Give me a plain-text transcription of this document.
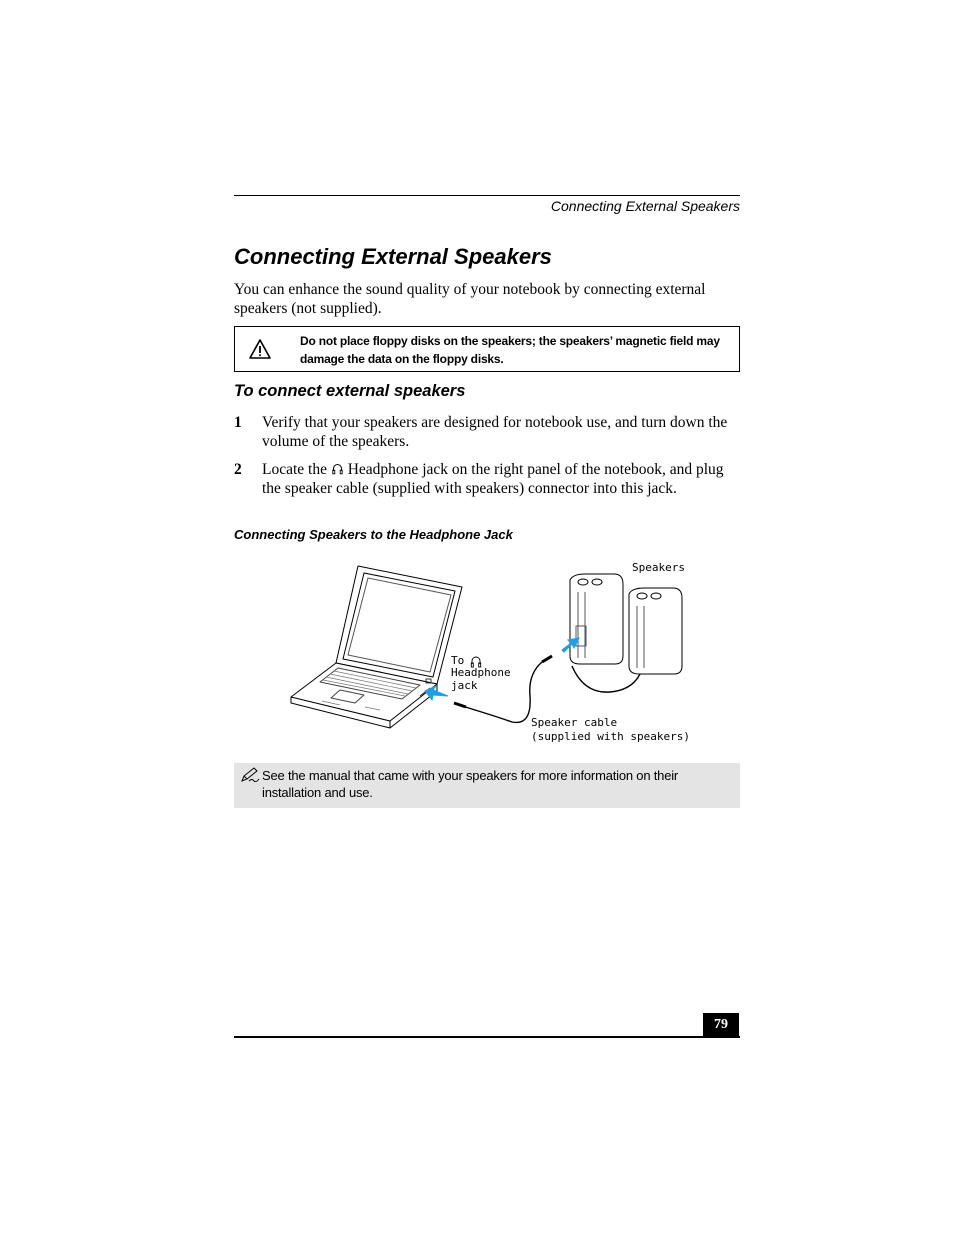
Connecting External Speakers
Connecting External Speakers
You can enhance the sound quality of your notebook by connecting external speakers (not supplied).
Do not place floppy disks on the speakers; the speakers’ magnetic field may damage the data on the floppy disks.
To connect external speakers
1 Verify that your speakers are designed for notebook use, and turn down the volume of the speakers.
2 Locate the Headphone jack on the right panel of the notebook, and plug the speaker cable (supplied with speakers) connector into this jack.
Connecting Speakers to the Headphone Jack
Speakers
To
Headphone
jack
Speaker cable
(supplied with speakers)
See the manual that came with your speakers for more information on their installation and use.
79
